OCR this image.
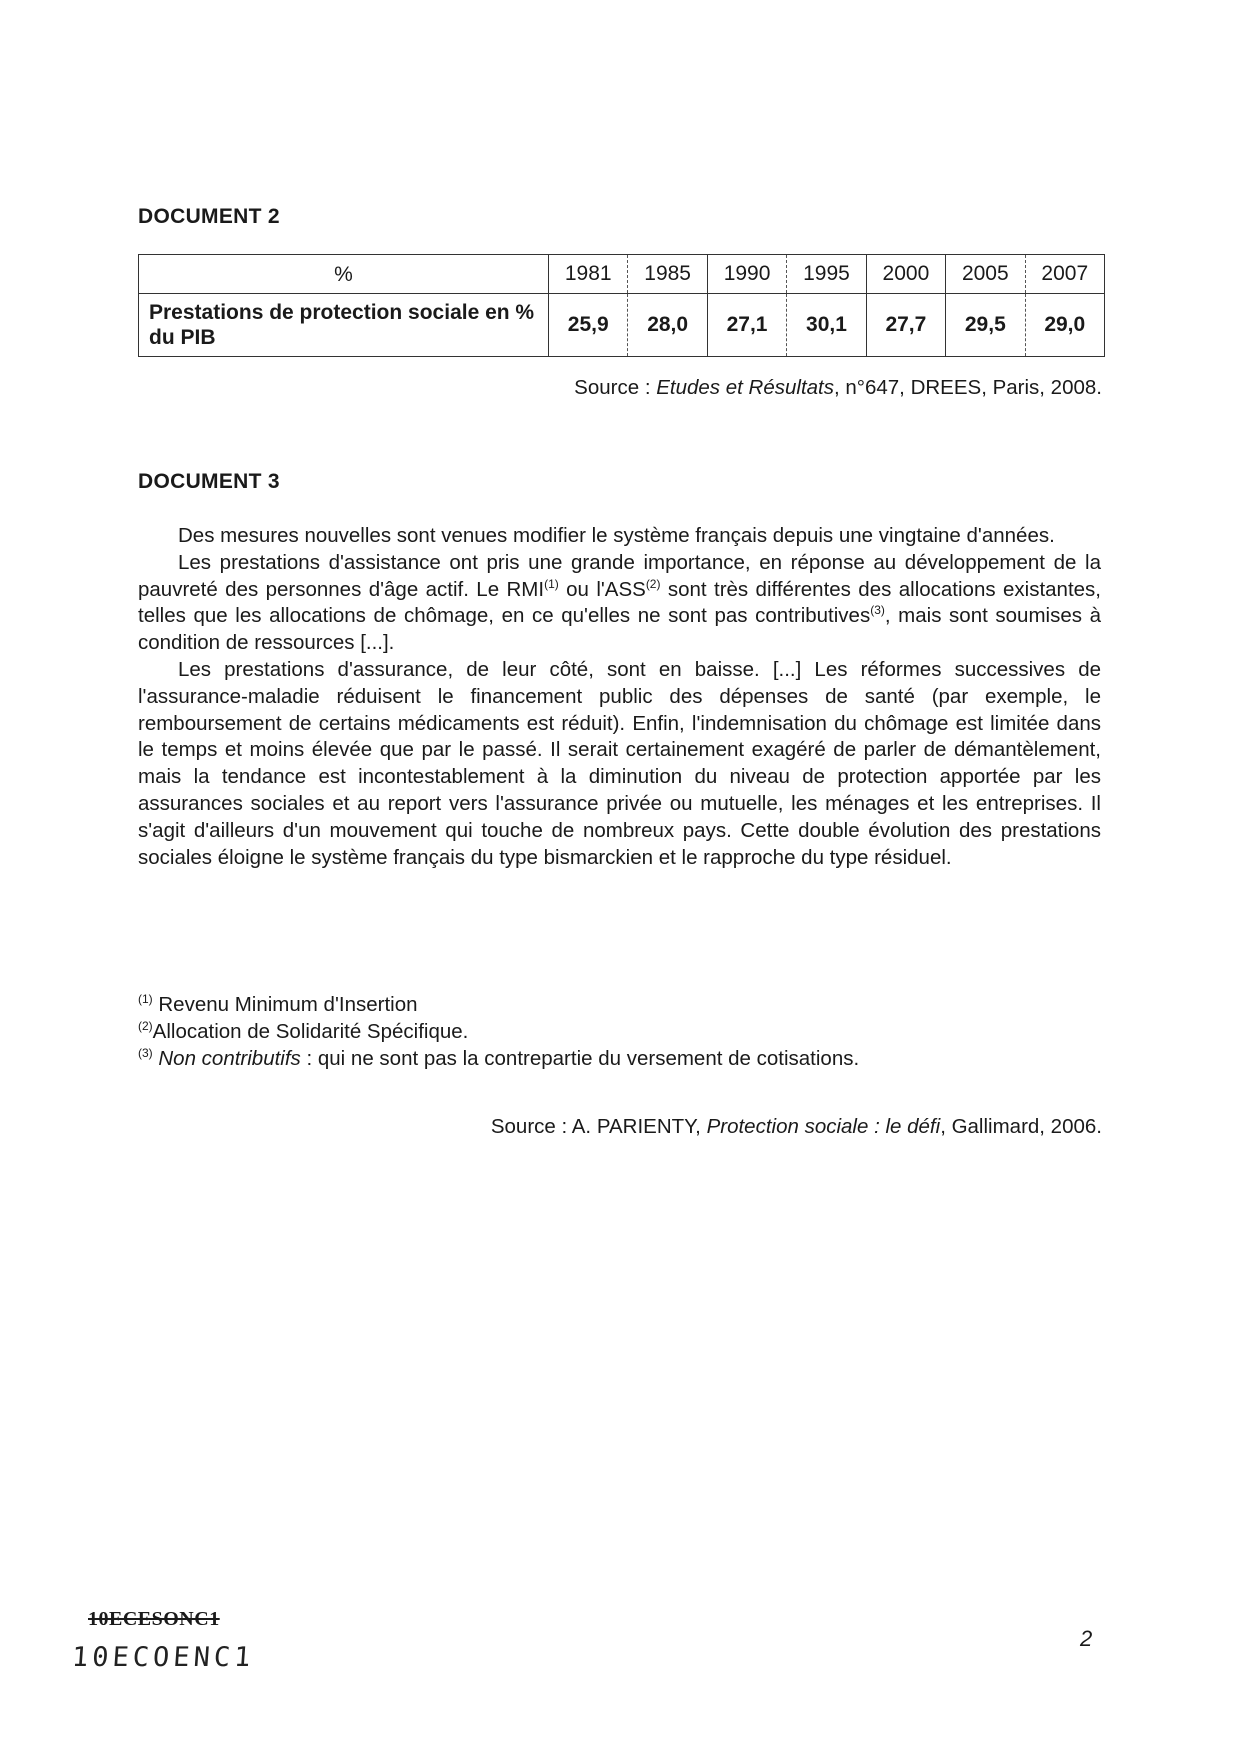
DOCUMENT 2
%	1981	1985	1990	1995	2000	2005	2007
Prestations de protection sociale en % du PIB	25,9	28,0	27,1	30,1	27,7	29,5	29,0
Source : Etudes et Résultats, n°647, DREES, Paris, 2008.
DOCUMENT 3

Des mesures nouvelles sont venues modifier le système français depuis une vingtaine d'années.

Les prestations d'assistance ont pris une grande importance, en réponse au développement de la pauvreté des personnes d'âge actif. Le RMI$^{(1)}$ ou l'ASS$^{(2)}$ sont très différentes des allocations existantes, telles que les allocations de chômage, en ce qu'elles ne sont pas contributives$^{(3)}$, mais sont soumises à condition de ressources [...].

Les prestations d'assurance, de leur côté, sont en baisse. [...] Les réformes successives de l'assurance-maladie réduisent le financement public des dépenses de santé (par exemple, le remboursement de certains médicaments est réduit). Enfin, l'indemnisation du chômage est limitée dans le temps et moins élevée que par le passé. Il serait certainement exagéré de parler de démantèlement, mais la tendance est incontestablement à la diminution du niveau de protection apportée par les assurances sociales et au report vers l'assurance privée ou mutuelle, les ménages et les entreprises. Il s'agit d'ailleurs d'un mouvement qui touche de nombreux pays. Cette double évolution des prestations sociales éloigne le système français du type bismarckien et le rapproche du type résiduel.

$^{(1)}$ Revenu Minimum d'Insertion
$^{(2)}$Allocation de Solidarité Spécifique.
$^{(3)}$ Non contributifs : qui ne sont pas la contrepartie du versement de cotisations.
Source : A. PARIENTY, Protection sociale : le défi, Gallimard, 2006.
10ECESONC1
10ECOENC1
2
